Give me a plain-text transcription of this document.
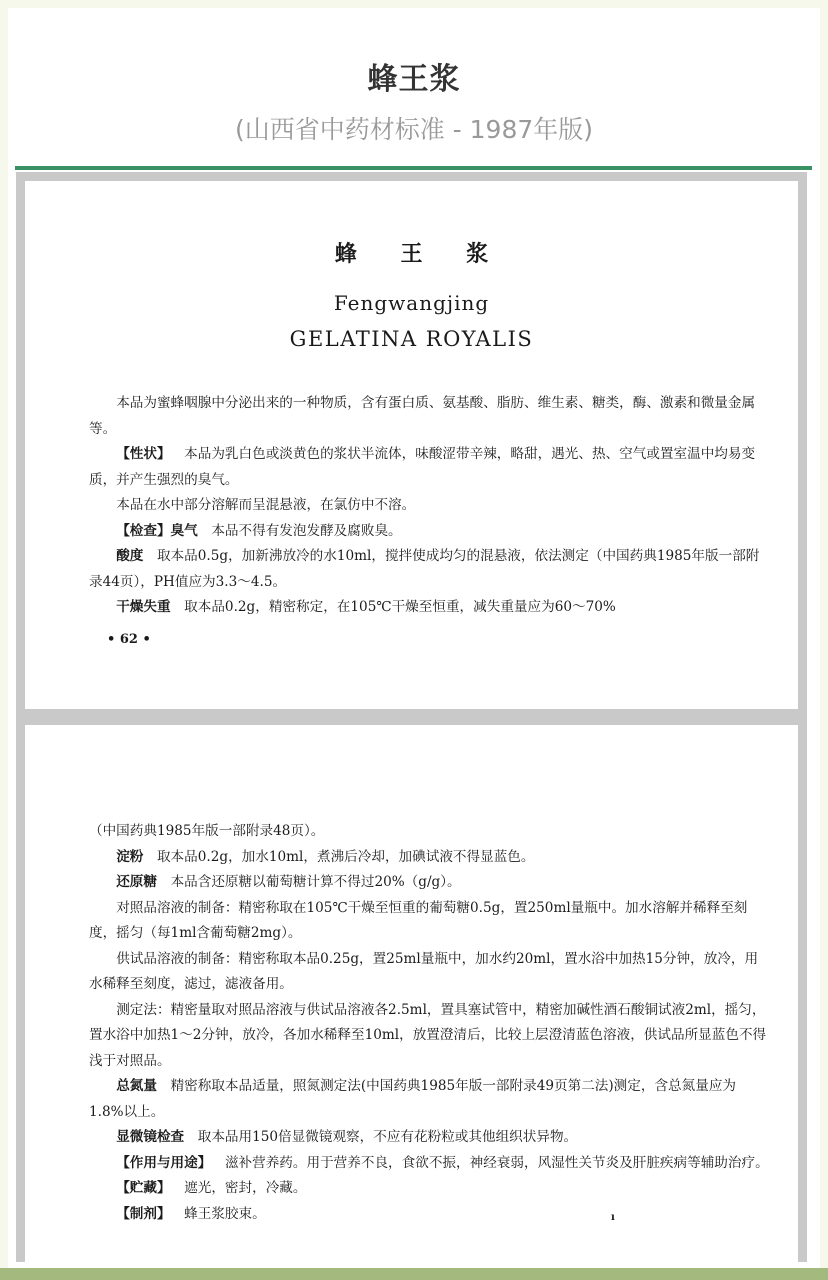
蜂王浆
(山西省中药材标准 - 1987年版)
蜂 王 浆
Fengwangjing
GELATINA ROYALIS

本品为蜜蜂咽腺中分泌出来的一种物质，含有蛋白质、氨基酸、脂肪、维生素、糖类，酶、激素和微量金属等。

【性状】 本品为乳白色或淡黄色的浆状半流体，味酸涩带辛辣，略甜，遇光、热、空气或置室温中均易变质，并产生强烈的臭气。

本品在水中部分溶解而呈混悬液，在氯仿中不溶。

【检查】臭气 本品不得有发泡发酵及腐败臭。

酸度 取本品0.5g，加新沸放冷的水10ml，搅拌使成均匀的混悬液，依法测定（中国药典1985年版一部附录44页），PH值应为3.3～4.5。

干燥失重 取本品0.2g，精密称定，在105℃干燥至恒重，减失重量应为60～70%

• 62 •

（中国药典1985年版一部附录48页）。

淀粉 取本品0.2g，加水10ml，煮沸后冷却，加碘试液不得显蓝色。

还原糖 本品含还原糖以葡萄糖计算不得过20%（g/g）。

对照品溶液的制备：精密称取在105℃干燥至恒重的葡萄糖0.5g，置250ml量瓶中。加水溶解并稀释至刻度，摇匀（每1ml含葡萄糖2mg）。

供试品溶液的制备：精密称取本品0.25g，置25ml量瓶中，加水约20ml，置水浴中加热15分钟，放冷，用水稀释至刻度，滤过，滤液备用。

测定法：精密量取对照品溶液与供试品溶液各2.5ml，置具塞试管中，精密加碱性酒石酸铜试液2ml，摇匀，置水浴中加热1～2分钟，放冷，各加水稀释至10ml，放置澄清后，比较上层澄清蓝色溶液，供试品所显蓝色不得浅于对照品。

总氮量 精密称取本品适量，照氮测定法(中国药典1985年版一部附录49页第二法)测定，含总氮量应为1.8%以上。

显微镜检查 取本品用150倍显微镜观察，不应有花粉粒或其他组织状异物。

【作用与用途】 滋补营养药。用于营养不良，食欲不振，神经衰弱，风湿性关节炎及肝脏疾病等辅助治疗。

【贮藏】 遮光，密封，冷藏。

【制剂】 蜂王浆胶束。	ı
